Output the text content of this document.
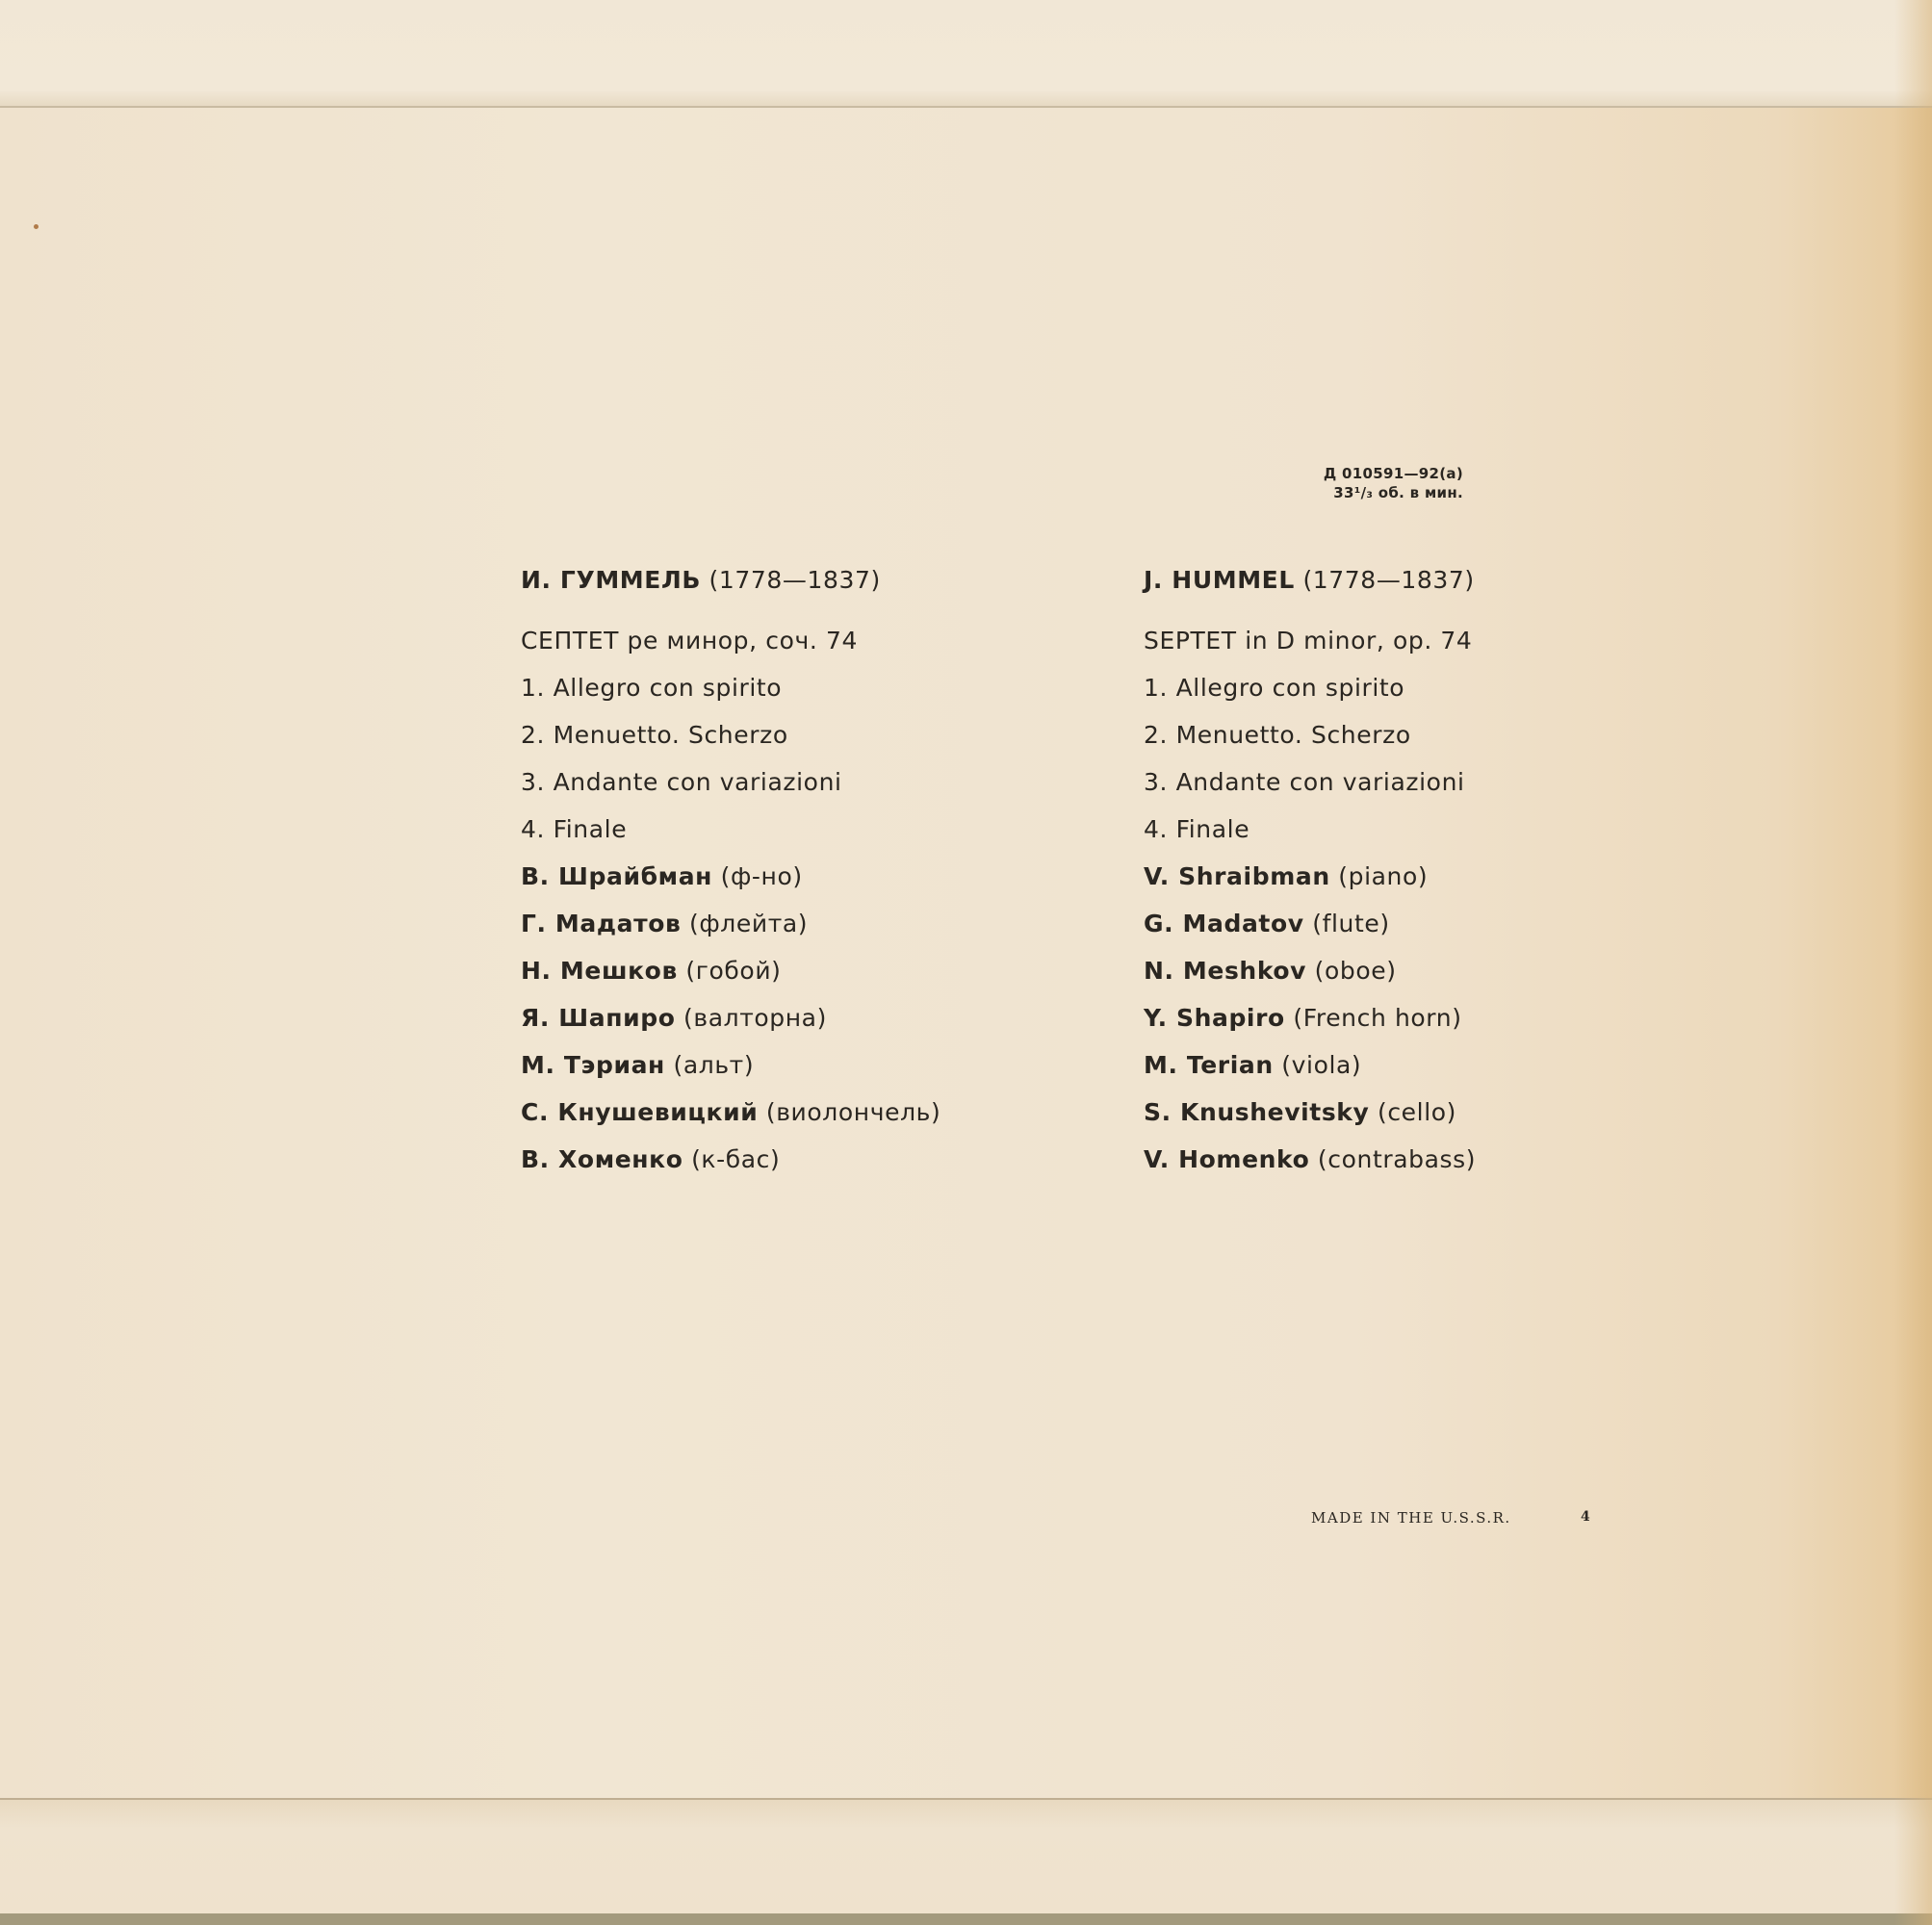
Д 010591—92(а)
33¹/₃ об. в мин.
И. ГУММЕЛЬ (1778—1837)
СЕПТЕТ ре минор, соч. 74
1. Allegro con spirito
2. Menuetto. Scherzo
3. Andante con variazioni
4. Finale
В. Шрайбман (ф-но)
Г. Мадатов (флейта)
Н. Мешков (гобой)
Я. Шапиро (валторна)
М. Тэриан (альт)
С. Кнушевицкий (виолончель)
В. Хоменко (к-бас)
J. HUMMEL (1778—1837)
SEPTET in D minor, op. 74
1. Allegro con spirito
2. Menuetto. Scherzo
3. Andante con variazioni
4. Finale
V. Shraibman (piano)
G. Madatov (flute)
N. Meshkov (oboe)
Y. Shapiro (French horn)
M. Terian (viola)
S. Knushevitsky (cello)
V. Homenko (contrabass)
MADE IN THE U.S.S.R.	4
